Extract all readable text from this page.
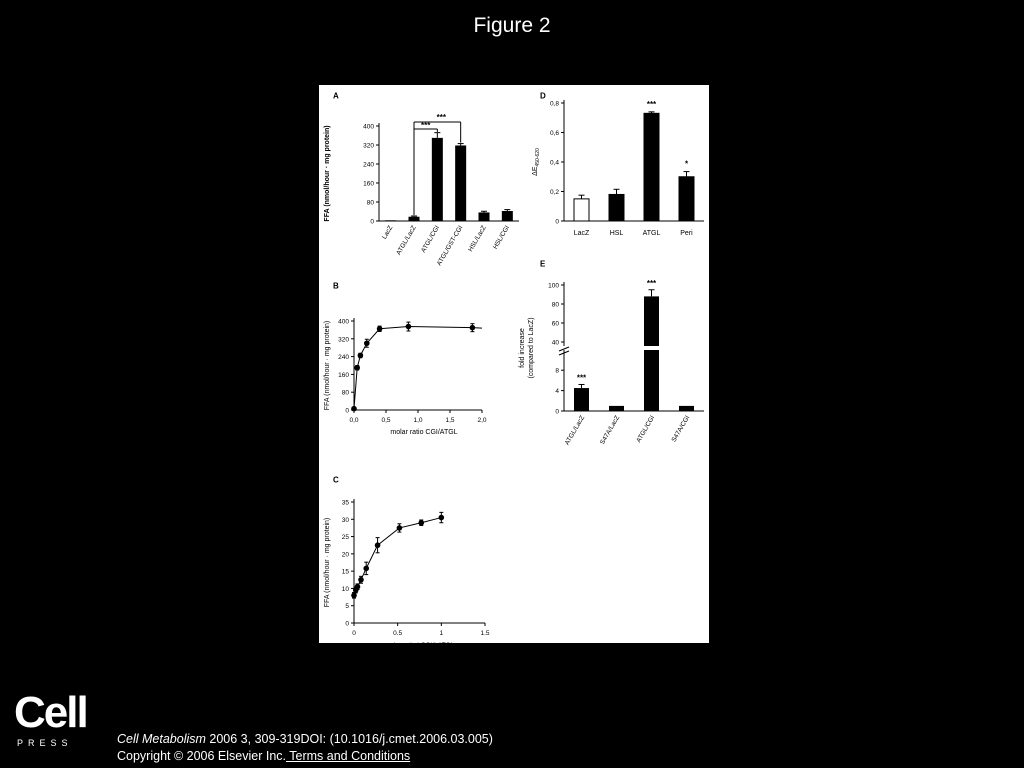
Figure 2
A
0
80
160
240
320
400
FFA (nmol/hour · mg protein)
LacZ ATGL/LacZ ATGL/CGI
ATGL/GST-CGI HSL/LacZ HSL/CGI
***
***
D
0
0,2
0,4
0,6
0,8
$\Delta E_{450-620}$
LacZ	HSL	ATGL
***
Peri
*
B
0
80
160
240
320
400
0,0	0,5	1,0	1,5	2,0
FFA (nmol/hour · mg protein)
molar ratio CGI/ATGL
C
0
5
10
15
20
25
30
35
0	0.5	1	1.5
FFA (nmol/hour · mg protein)
molar ratio hCGI/hATGL
E
0
4
8
40
60
80
100
fold increase (compared to LacZ)	***
ATGL/LacZ S47A/LacZ
***
ATGL/CGI S47A/CGI
Cell
PRESS	Cell Metabolism 2006 3, 309-319DOI: (10.1016/j.cmet.2006.03.005)
Copyright © 2006 Elsevier Inc. Terms and Conditions
